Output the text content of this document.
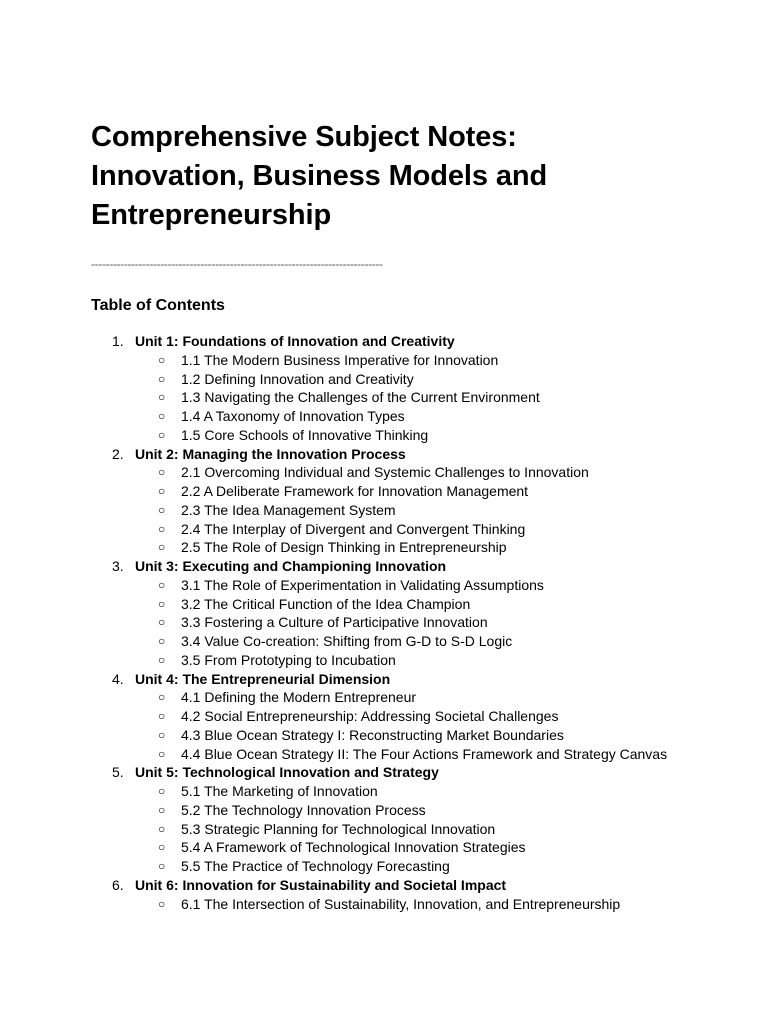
Comprehensive Subject Notes:
Innovation, Business Models and
Entrepreneurship
--------------------------------------------------------------------------------
Table of Contents
1. Unit 1: Foundations of Innovation and Creativity
○ 1.1 The Modern Business Imperative for Innovation
○ 1.2 Defining Innovation and Creativity
○ 1.3 Navigating the Challenges of the Current Environment
○ 1.4 A Taxonomy of Innovation Types
○ 1.5 Core Schools of Innovative Thinking
2. Unit 2: Managing the Innovation Process
○ 2.1 Overcoming Individual and Systemic Challenges to Innovation
○ 2.2 A Deliberate Framework for Innovation Management
○ 2.3 The Idea Management System
○ 2.4 The Interplay of Divergent and Convergent Thinking
○ 2.5 The Role of Design Thinking in Entrepreneurship
3. Unit 3: Executing and Championing Innovation
○ 3.1 The Role of Experimentation in Validating Assumptions
○ 3.2 The Critical Function of the Idea Champion
○ 3.3 Fostering a Culture of Participative Innovation
○ 3.4 Value Co-creation: Shifting from G-D to S-D Logic
○ 3.5 From Prototyping to Incubation
4. Unit 4: The Entrepreneurial Dimension
○ 4.1 Defining the Modern Entrepreneur
○ 4.2 Social Entrepreneurship: Addressing Societal Challenges
○ 4.3 Blue Ocean Strategy I: Reconstructing Market Boundaries
○ 4.4 Blue Ocean Strategy II: The Four Actions Framework and Strategy Canvas
5. Unit 5: Technological Innovation and Strategy
○ 5.1 The Marketing of Innovation
○ 5.2 The Technology Innovation Process
○ 5.3 Strategic Planning for Technological Innovation
○ 5.4 A Framework of Technological Innovation Strategies
○ 5.5 The Practice of Technology Forecasting
6. Unit 6: Innovation for Sustainability and Societal Impact
○ 6.1 The Intersection of Sustainability, Innovation, and Entrepreneurship
